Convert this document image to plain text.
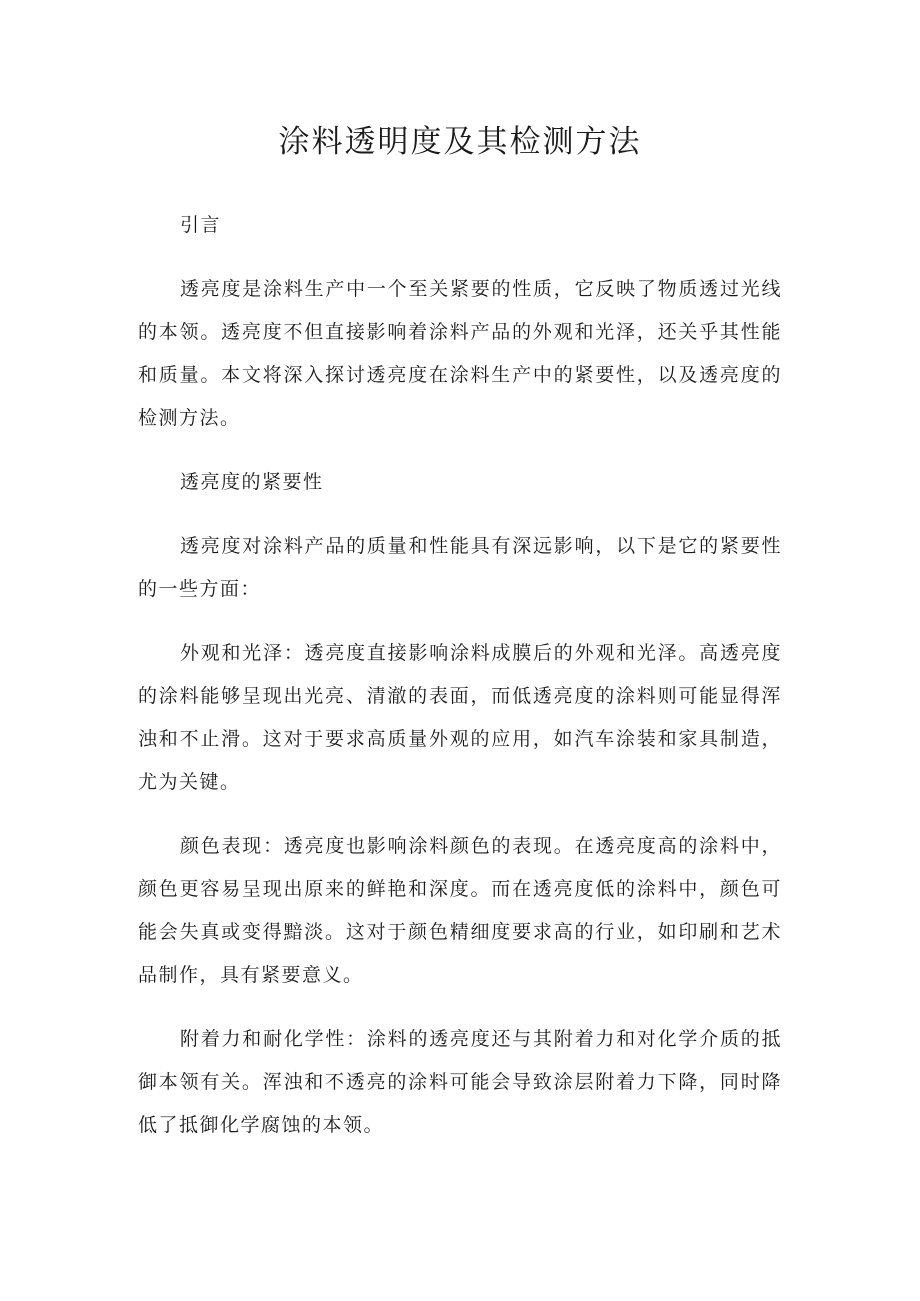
涂料透明度及其检测方法

引言

透亮度是涂料生产中一个至关紧要的性质，它反映了物质透过光线的本领。透亮度不但直接影响着涂料产品的外观和光泽，还关乎其性能和质量。本文将深入探讨透亮度在涂料生产中的紧要性，以及透亮度的检测方法。

透亮度的紧要性

透亮度对涂料产品的质量和性能具有深远影响，以下是它的紧要性的一些方面：

外观和光泽：透亮度直接影响涂料成膜后的外观和光泽。高透亮度的涂料能够呈现出光亮、清澈的表面，而低透亮度的涂料则可能显得浑浊和不止滑。这对于要求高质量外观的应用，如汽车涂装和家具制造，尤为关键。

颜色表现：透亮度也影响涂料颜色的表现。在透亮度高的涂料中，颜色更容易呈现出原来的鲜艳和深度。而在透亮度低的涂料中，颜色可能会失真或变得黯淡。这对于颜色精细度要求高的行业，如印刷和艺术品制作，具有紧要意义。

附着力和耐化学性：涂料的透亮度还与其附着力和对化学介质的抵御本领有关。浑浊和不透亮的涂料可能会导致涂层附着力下降，同时降低了抵御化学腐蚀的本领。
